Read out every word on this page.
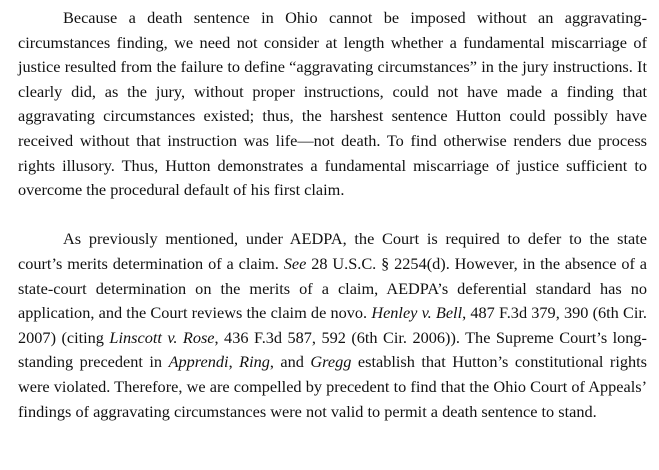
Because a death sentence in Ohio cannot be imposed without an aggravating-circumstances finding, we need not consider at length whether a fundamental miscarriage of justice resulted from the failure to define “aggravating circumstances” in the jury instructions. It clearly did, as the jury, without proper instructions, could not have made a finding that aggravating circumstances existed; thus, the harshest sentence Hutton could possibly have received without that instruction was life—not death. To find otherwise renders due process rights illusory. Thus, Hutton demonstrates a fundamental miscarriage of justice sufficient to overcome the procedural default of his first claim.

As previously mentioned, under AEDPA, the Court is required to defer to the state court’s merits determination of a claim. See 28 U.S.C. § 2254(d). However, in the absence of a state-court determination on the merits of a claim, AEDPA’s deferential standard has no application, and the Court reviews the claim de novo. Henley v. Bell, 487 F.3d 379, 390 (6th Cir. 2007) (citing Linscott v. Rose, 436 F.3d 587, 592 (6th Cir. 2006)). The Supreme Court’s long-standing precedent in Apprendi, Ring, and Gregg establish that Hutton’s constitutional rights were violated. Therefore, we are compelled by precedent to find that the Ohio Court of Appeals’ findings of aggravating circumstances were not valid to permit a death sentence to stand.
